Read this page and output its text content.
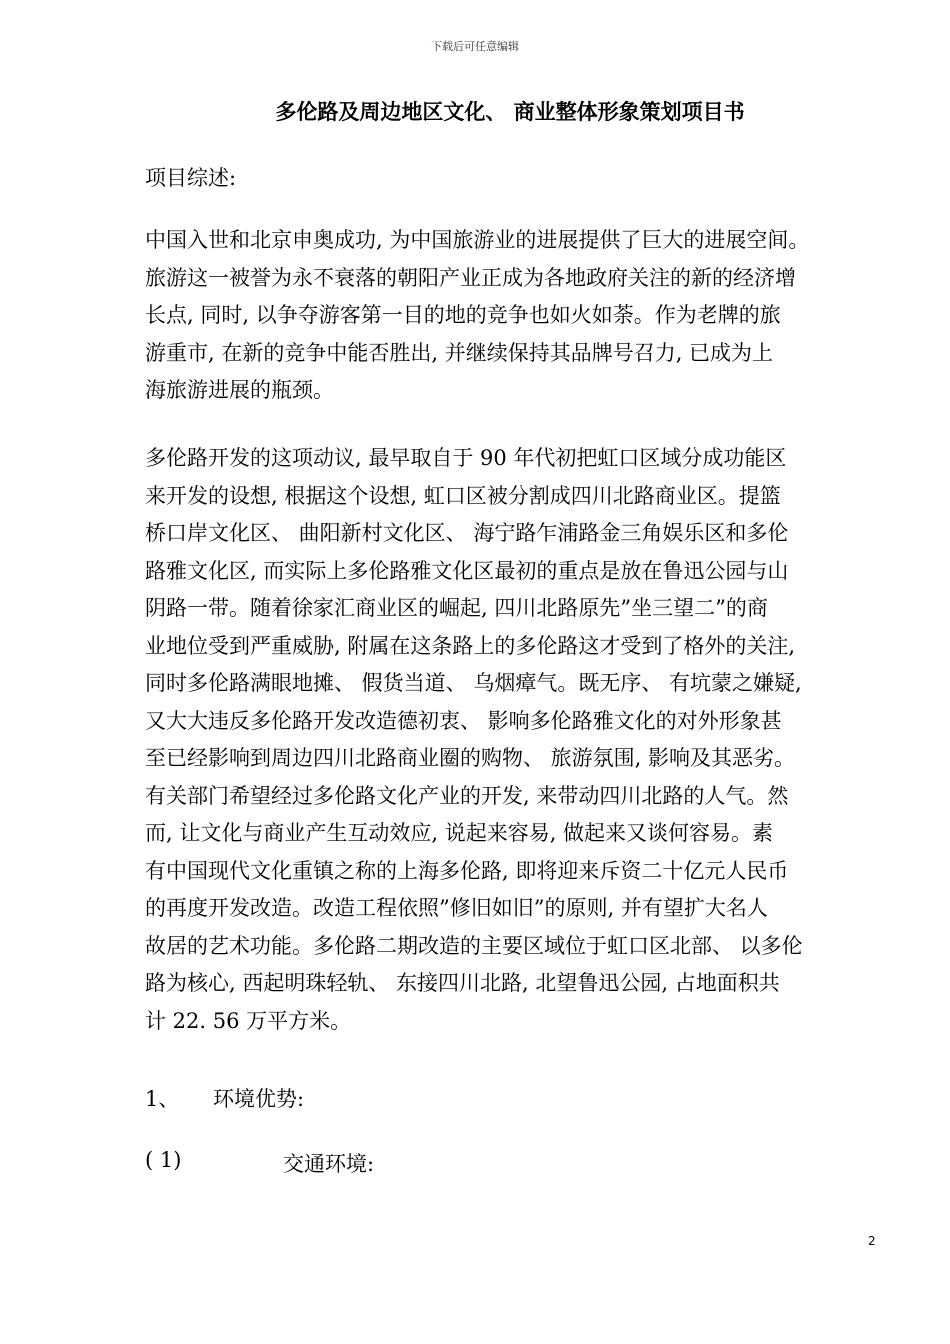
下载后可任意编辑
多伦路及周边地区文化、 商业整体形象策划项目书
项目综述:
中国入世和北京申奥成功, 为中国旅游业的进展提供了巨大的进展空间。
旅游这一被誉为永不衰落的朝阳产业正成为各地政府关注的新的经济增
长点, 同时, 以争夺游客第一目的地的竞争也如火如荼。作为老牌的旅
游重市, 在新的竞争中能否胜出, 并继续保持其品牌号召力, 已成为上
海旅游进展的瓶颈。
多伦路开发的这项动议, 最早取自于 90 年代初把虹口区域分成功能区
来开发的设想, 根据这个设想, 虹口区被分割成四川北路商业区。提篮
桥口岸文化区、 曲阳新村文化区、 海宁路乍浦路金三角娱乐区和多伦
路雅文化区, 而实际上多伦路雅文化区最初的重点是放在鲁迅公园与山
阴路一带。随着徐家汇商业区的崛起, 四川北路原先”坐三望二”的商
业地位受到严重威胁, 附属在这条路上的多伦路这才受到了格外的关注,
同时多伦路满眼地摊、 假货当道、 乌烟瘴气。既无序、 有坑蒙之嫌疑,
又大大违反多伦路开发改造德初衷、 影响多伦路雅文化的对外形象甚
至已经影响到周边四川北路商业圈的购物、 旅游氛围, 影响及其恶劣。
有关部门希望经过多伦路文化产业的开发, 来带动四川北路的人气。然
而, 让文化与商业产生互动效应, 说起来容易, 做起来又谈何容易。素
有中国现代文化重镇之称的上海多伦路, 即将迎来斥资二十亿元人民币
的再度开发改造。改造工程依照”修旧如旧”的原则, 并有望扩大名人
故居的艺术功能。多伦路二期改造的主要区域位于虹口区北部、 以多伦
路为核心, 西起明珠轻轨、 东接四川北路, 北望鲁迅公园, 占地面积共
计 22. 56 万平方米。
1、 环境优势:
( 1)	交通环境:
2
